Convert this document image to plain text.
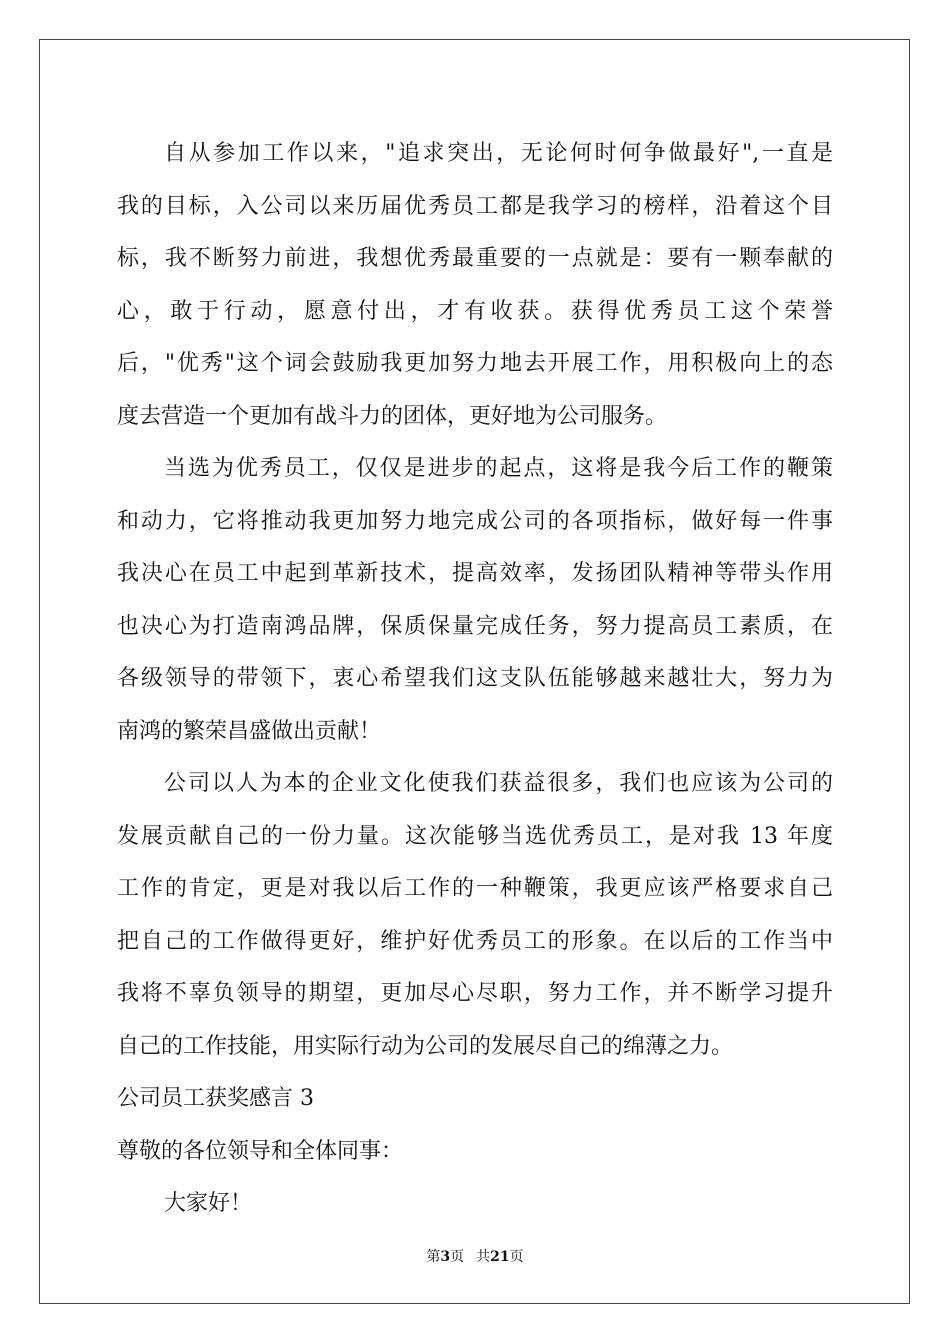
自从参加工作以来，"追求突出，无论何时何争做最好",一直是
我的目标，入公司以来历届优秀员工都是我学习的榜样，沿着这个目
标，我不断努力前进，我想优秀最重要的一点就是：要有一颗奉献的
心，敢于行动，愿意付出，才有收获。获得优秀员工这个荣誉
后，"优秀"这个词会鼓励我更加努力地去开展工作，用积极向上的态
度去营造一个更加有战斗力的团体，更好地为公司服务。
当选为优秀员工，仅仅是进步的起点，这将是我今后工作的鞭策
和动力，它将推动我更加努力地完成公司的各项指标，做好每一件事
我决心在员工中起到革新技术，提高效率，发扬团队精神等带头作用
也决心为打造南鸿品牌，保质保量完成任务，努力提高员工素质，在
各级领导的带领下，衷心希望我们这支队伍能够越来越壮大，努力为
南鸿的繁荣昌盛做出贡献！
公司以人为本的企业文化使我们获益很多，我们也应该为公司的
发展贡献自己的一份力量。这次能够当选优秀员工，是对我 13 年度
工作的肯定，更是对我以后工作的一种鞭策，我更应该严格要求自己
把自己的工作做得更好，维护好优秀员工的形象。在以后的工作当中
我将不辜负领导的期望，更加尽心尽职，努力工作，并不断学习提升
自己的工作技能，用实际行动为公司的发展尽自己的绵薄之力。
公司员工获奖感言 3
尊敬的各位领导和全体同事：
大家好！
第3页 共21页
